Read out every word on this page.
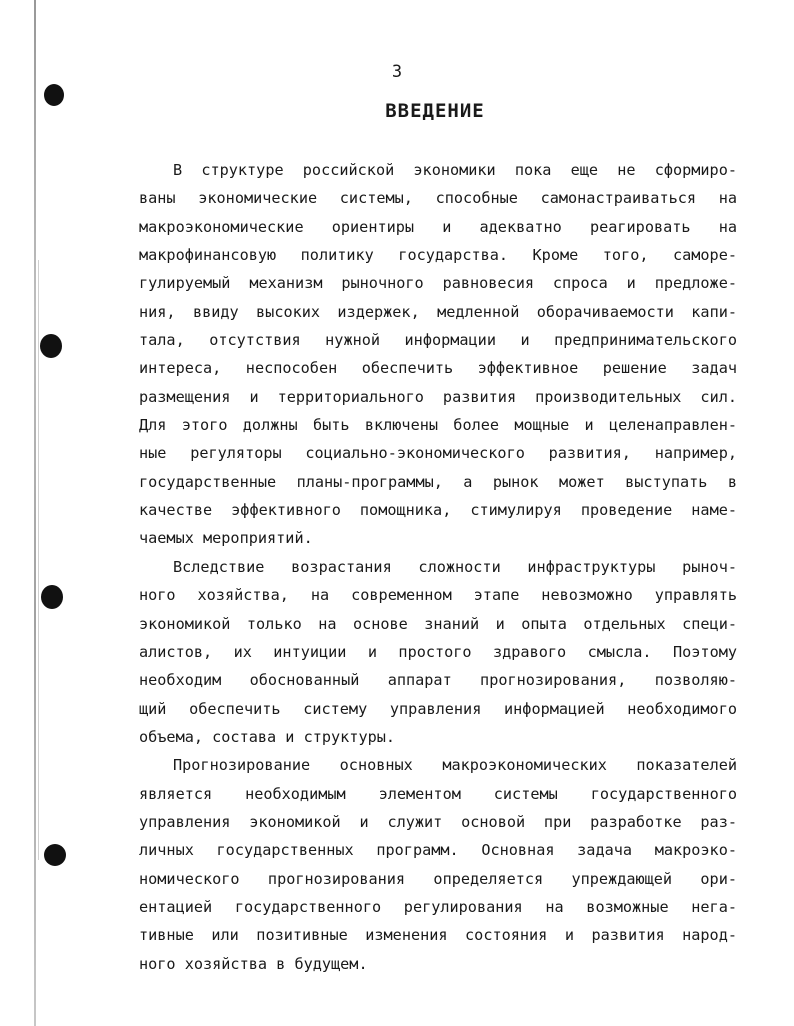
3
ВВЕДЕНИЕ
В структуре российской экономики пока еще не сформиро-
ваны экономические системы, способные самонастраиваться на
макроэкономические ориентиры и адекватно реагировать на
макрофинансовую политику государства. Кроме того, саморе-
гулируемый механизм рыночного равновесия спроса и предложе-
ния, ввиду высоких издержек, медленной оборачиваемости капи-
тала, отсутствия нужной информации и предпринимательского
интереса, неспособен обеспечить эффективное решение задач
размещения и территориального развития производительных сил.
Для этого должны быть включены более мощные и целенаправлен-
ные регуляторы социально-экономического развития, например,
государственные планы-программы, а рынок может выступать в
качестве эффективного помощника, стимулируя проведение наме-
чаемых мероприятий.
Вследствие возрастания сложности инфраструктуры рыноч-
ного хозяйства, на современном этапе невозможно управлять
экономикой только на основе знаний и опыта отдельных специ-
алистов, их интуиции и простого здравого смысла. Поэтому
необходим обоснованный аппарат прогнозирования, позволяю-
щий обеспечить систему управления информацией необходимого
объема, состава и структуры.
Прогнозирование основных макроэкономических показателей
является необходимым элементом системы государственного
управления экономикой и служит основой при разработке раз-
личных государственных программ. Основная задача макроэко-
номического прогнозирования определяется упреждающей ори-
ентацией государственного регулирования на возможные нега-
тивные или позитивные изменения состояния и развития народ-
ного хозяйства в будущем.
